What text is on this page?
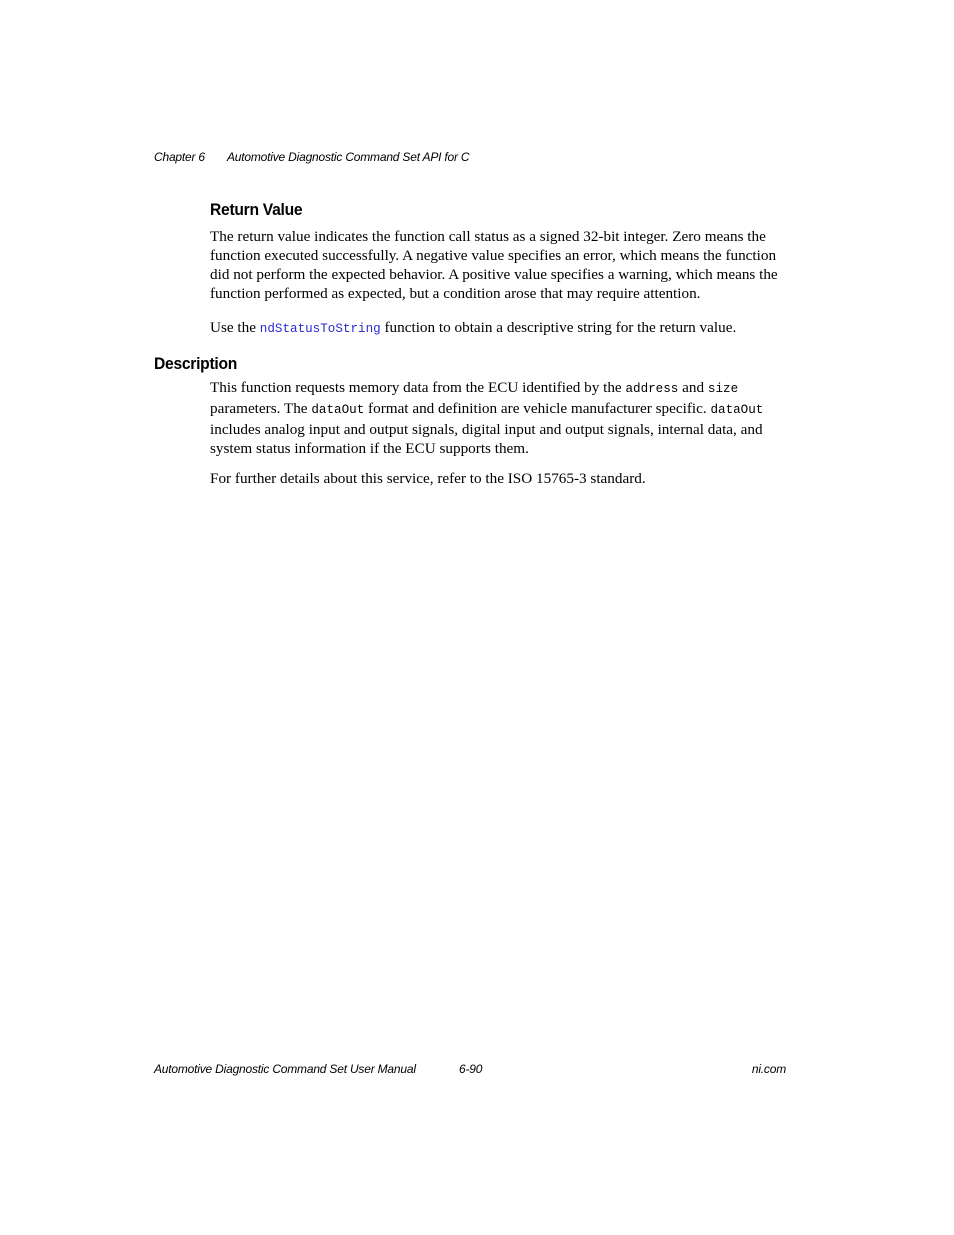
Chapter 6 Automotive Diagnostic Command Set API for C
Return Value

The return value indicates the function call status as a signed 32-bit integer. Zero means the function executed successfully. A negative value specifies an error, which means the function did not perform the expected behavior. A positive value specifies a warning, which means the function performed as expected, but a condition arose that may require attention.

Use the ndStatusToString function to obtain a descriptive string for the return value.

Description

This function requests memory data from the ECU identified by the address and size parameters. The dataOut format and definition are vehicle manufacturer specific. dataOut includes analog input and output signals, digital input and output signals, internal data, and system status information if the ECU supports them.

For further details about this service, refer to the ISO 15765-3 standard.

Automotive Diagnostic Command Set User Manual	6-90	ni.com
